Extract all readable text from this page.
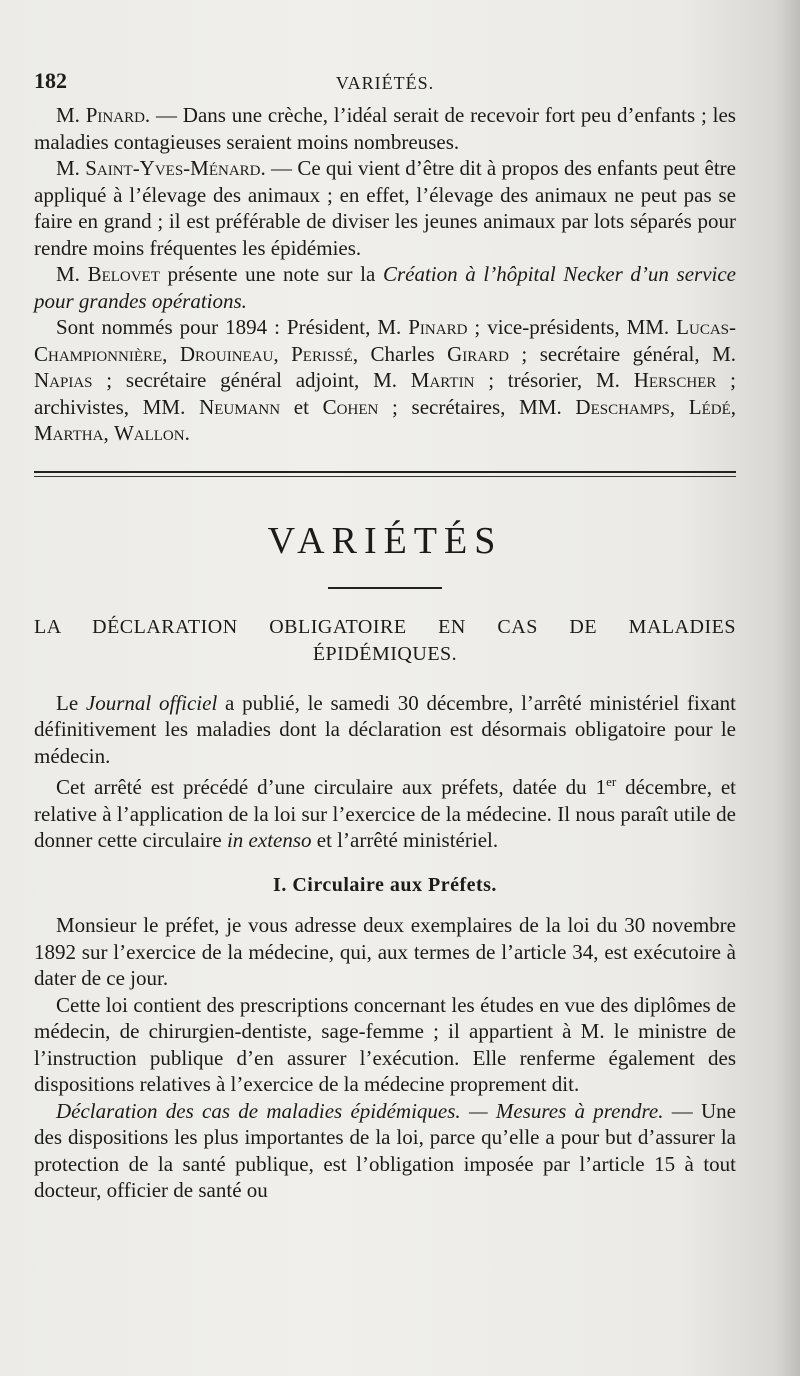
182	VARIÉTÉS.

M. Pinard. — Dans une crèche, l’idéal serait de recevoir fort peu d’enfants ; les maladies contagieuses seraient moins nombreuses.

M. Saint-Yves-Ménard. — Ce qui vient d’être dit à propos des enfants peut être appliqué à l’élevage des animaux ; en effet, l’élevage des animaux ne peut pas se faire en grand ; il est préférable de diviser les jeunes animaux par lots séparés pour rendre moins fréquentes les épidémies.

M. Belovet présente une note sur la Création à l’hôpital Necker d’un service pour grandes opérations.

Sont nommés pour 1894 : Président, M. Pinard ; vice-présidents, MM. Lucas-Championnière, Drouineau, Perissé, Charles Girard ; secrétaire général, M. Napias ; secrétaire général adjoint, M. Martin ; trésorier, M. Herscher ; archivistes, MM. Neumann et Cohen ; secrétaires, MM. Deschamps, Lédé, Martha, Wallon.

VARIÉTÉS
LA DÉCLARATION OBLIGATOIRE EN CAS DE MALADIES
ÉPIDÉMIQUES.

Le Journal officiel a publié, le samedi 30 décembre, l’arrêté ministériel fixant définitivement les maladies dont la déclaration est désormais obligatoire pour le médecin.

Cet arrêté est précédé d’une circulaire aux préfets, datée du 1er décembre, et relative à l’application de la loi sur l’exercice de la médecine. Il nous paraît utile de donner cette circulaire in extenso et l’arrêté ministériel.

I. Circulaire aux Préfets.

Monsieur le préfet, je vous adresse deux exemplaires de la loi du 30 novembre 1892 sur l’exercice de la médecine, qui, aux termes de l’article 34, est exécutoire à dater de ce jour.

Cette loi contient des prescriptions concernant les études en vue des diplômes de médecin, de chirurgien-dentiste, sage-femme ; il appartient à M. le ministre de l’instruction publique d’en assurer l’exécution. Elle renferme également des dispositions relatives à l’exercice de la médecine proprement dit.

Déclaration des cas de maladies épidémiques. — Mesures à prendre. — Une des dispositions les plus importantes de la loi, parce qu’elle a pour but d’assurer la protection de la santé publique, est l’obligation imposée par l’article 15 à tout docteur, officier de santé ou
